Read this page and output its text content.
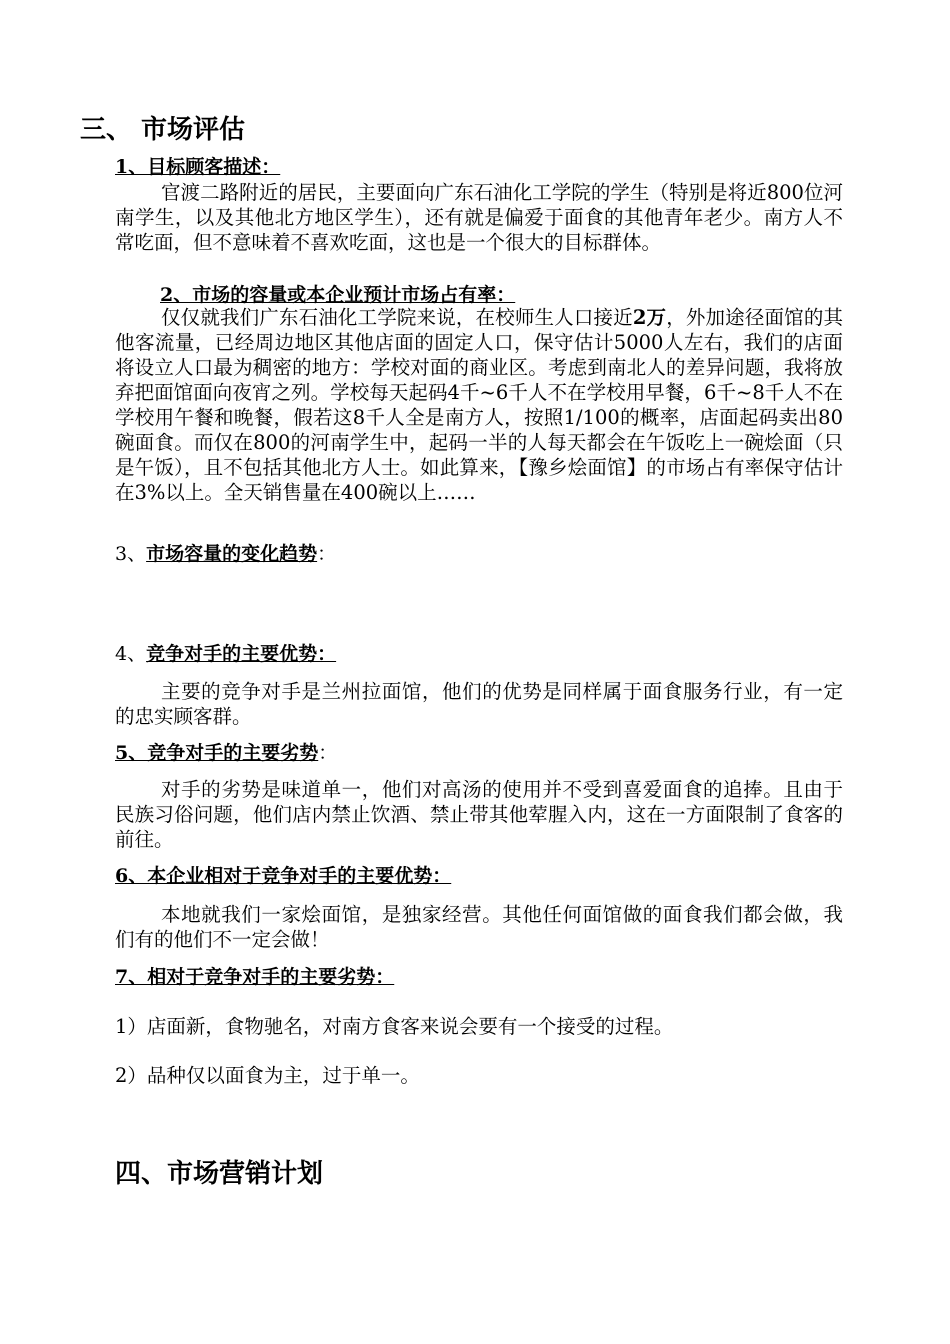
三、 市场评估
1、目标顾客描述：
官渡二路附近的居民，主要面向广东石油化工学院的学生（特别是将近800位河南学生，以及其他北方地区学生），还有就是偏爱于面食的其他青年老少。南方人不常吃面，但不意味着不喜欢吃面，这也是一个很大的目标群体。
2、市场的容量或本企业预计市场占有率：
仅仅就我们广东石油化工学院来说，在校师生人口接近2万，外加途径面馆的其他客流量，已经周边地区其他店面的固定人口，保守估计5000人左右，我们的店面将设立人口最为稠密的地方：学校对面的商业区。考虑到南北人的差异问题，我将放弃把面馆面向夜宵之列。学校每天起码4千~6千人不在学校用早餐，6千~8千人不在学校用午餐和晚餐，假若这8千人全是南方人，按照1/100的概率，店面起码卖出80碗面食。而仅在800的河南学生中，起码一半的人每天都会在午饭吃上一碗烩面（只是午饭），且不包括其他北方人士。如此算来，【豫乡烩面馆】的市场占有率保守估计在3%以上。全天销售量在400碗以上……
3、市场容量的变化趋势：
4、竞争对手的主要优势：
主要的竞争对手是兰州拉面馆，他们的优势是同样属于面食服务行业，有一定的忠实顾客群。
5、竞争对手的主要劣势：
对手的劣势是味道单一，他们对高汤的使用并不受到喜爱面食的追捧。且由于民族习俗问题，他们店内禁止饮酒、禁止带其他荤腥入内，这在一方面限制了食客的前往。
6、本企业相对于竞争对手的主要优势：
本地就我们一家烩面馆，是独家经营。其他任何面馆做的面食我们都会做，我们有的他们不一定会做！
7、相对于竞争对手的主要劣势：
1）店面新，食物驰名，对南方食客来说会要有一个接受的过程。
2）品种仅以面食为主，过于单一。
四、市场营销计划
